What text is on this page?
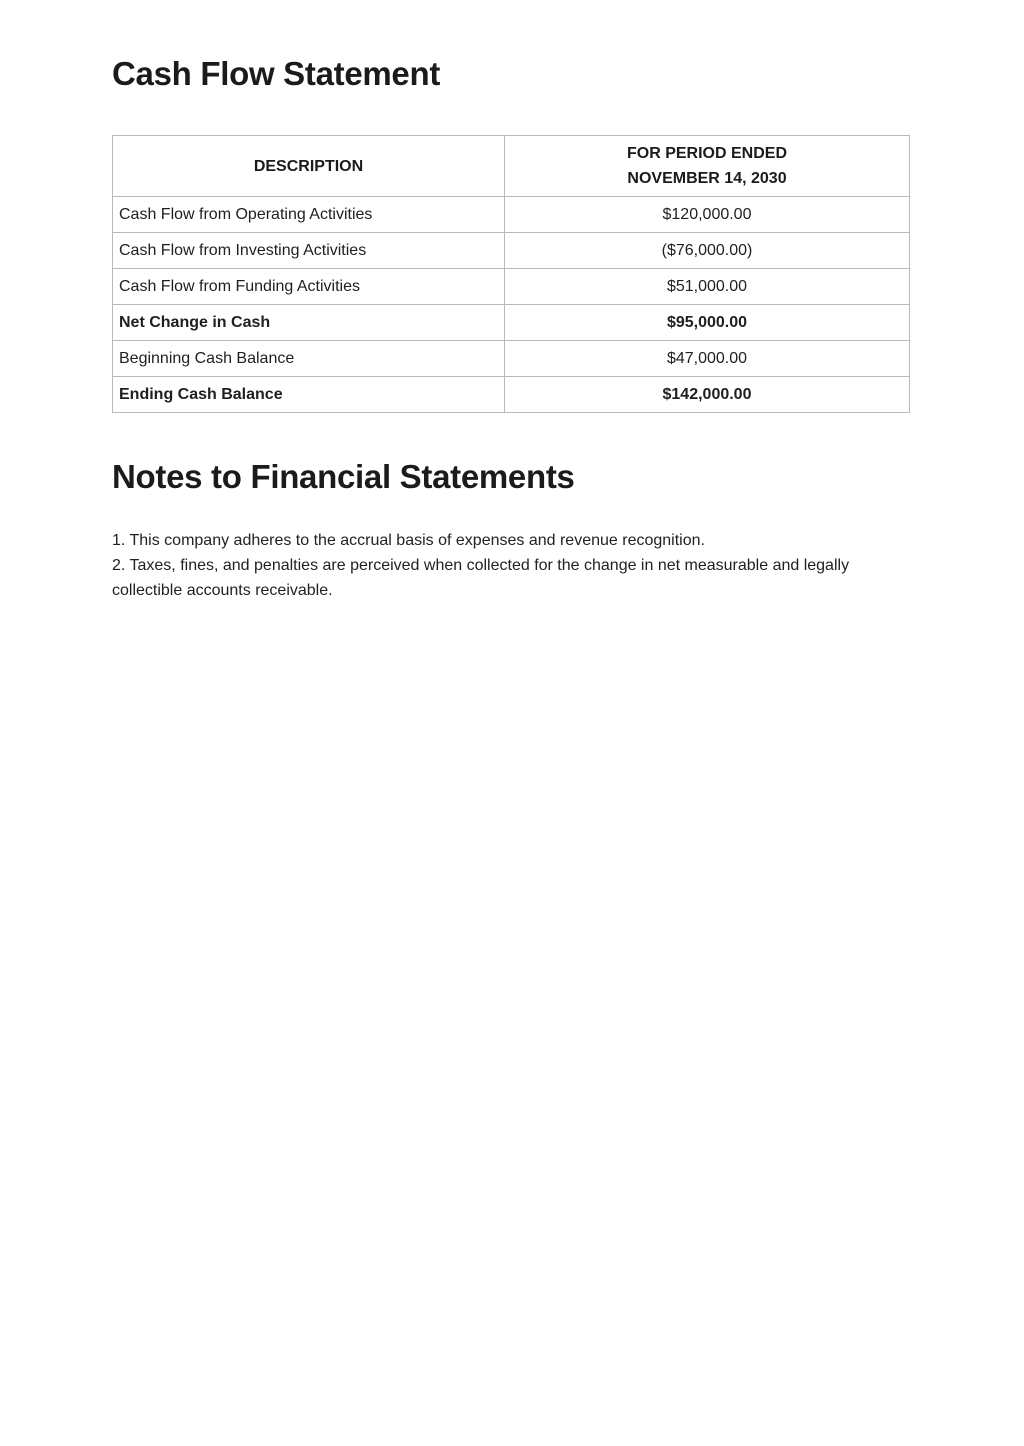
Cash Flow Statement
DESCRIPTION	FOR PERIOD ENDED
NOVEMBER 14, 2030
Cash Flow from Operating Activities	$120,000.00
Cash Flow from Investing Activities	($76,000.00)
Cash Flow from Funding Activities	$51,000.00
Net Change in Cash	$95,000.00
Beginning Cash Balance	$47,000.00
Ending Cash Balance	$142,000.00
Notes to Financial Statements
1. This company adheres to the accrual basis of expenses and revenue recognition.
2. Taxes, fines, and penalties are perceived when collected for the change in net measurable and legally collectible accounts receivable.
